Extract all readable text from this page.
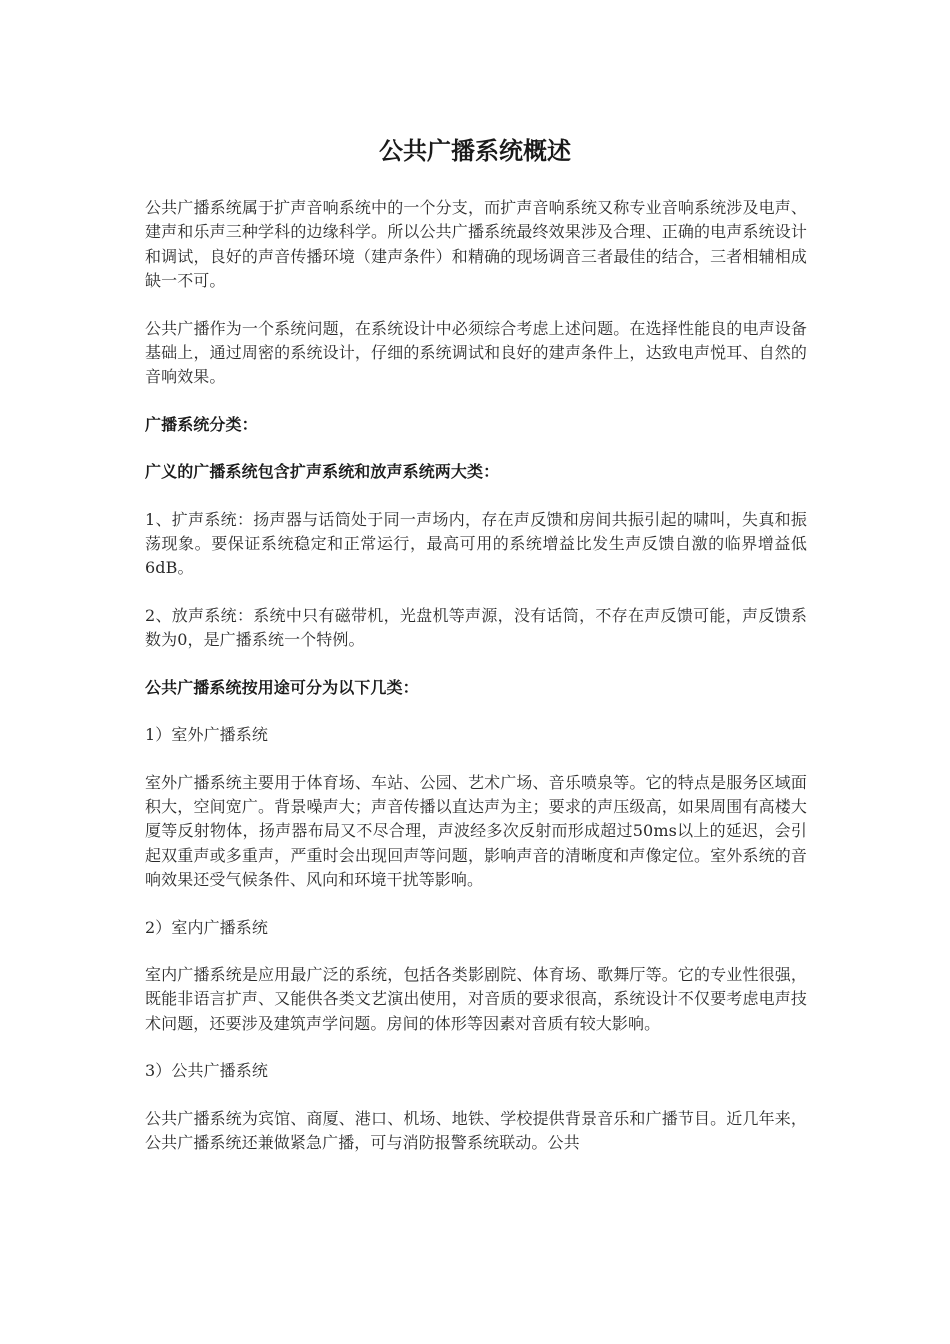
公共广播系统概述

公共广播系统属于扩声音响系统中的一个分支，而扩声音响系统又称专业音响系统涉及电声、建声和乐声三种学科的边缘科学。所以公共广播系统最终效果涉及合理、正确的电声系统设计和调试，良好的声音传播环境（建声条件）和精确的现场调音三者最佳的结合，三者相辅相成缺一不可。

公共广播作为一个系统问题，在系统设计中必须综合考虑上述问题。在选择性能良的电声设备基础上，通过周密的系统设计，仔细的系统调试和良好的建声条件上，达致电声悦耳、自然的音响效果。

广播系统分类：

广义的广播系统包含扩声系统和放声系统两大类：

1、扩声系统：扬声器与话筒处于同一声场内，存在声反馈和房间共振引起的啸叫，失真和振荡现象。要保证系统稳定和正常运行，最高可用的系统增益比发生声反馈自激的临界增益低6dB。

2、放声系统：系统中只有磁带机，光盘机等声源，没有话筒，不存在声反馈可能，声反馈系数为0，是广播系统一个特例。

公共广播系统按用途可分为以下几类：

1）室外广播系统

室外广播系统主要用于体育场、车站、公园、艺术广场、音乐喷泉等。它的特点是服务区域面积大，空间宽广。背景噪声大；声音传播以直达声为主；要求的声压级高，如果周围有高楼大厦等反射物体，扬声器布局又不尽合理，声波经多次反射而形成超过50ms以上的延迟，会引起双重声或多重声，严重时会出现回声等问题，影响声音的清晰度和声像定位。室外系统的音响效果还受气候条件、风向和环境干扰等影响。

2）室内广播系统

室内广播系统是应用最广泛的系统，包括各类影剧院、体育场、歌舞厅等。它的专业性很强，既能非语言扩声、又能供各类文艺演出使用，对音质的要求很高，系统设计不仅要考虑电声技术问题，还要涉及建筑声学问题。房间的体形等因素对音质有较大影响。

3）公共广播系统

公共广播系统为宾馆、商厦、港口、机场、地铁、学校提供背景音乐和广播节目。近几年来，公共广播系统还兼做紧急广播，可与消防报警系统联动。公共
